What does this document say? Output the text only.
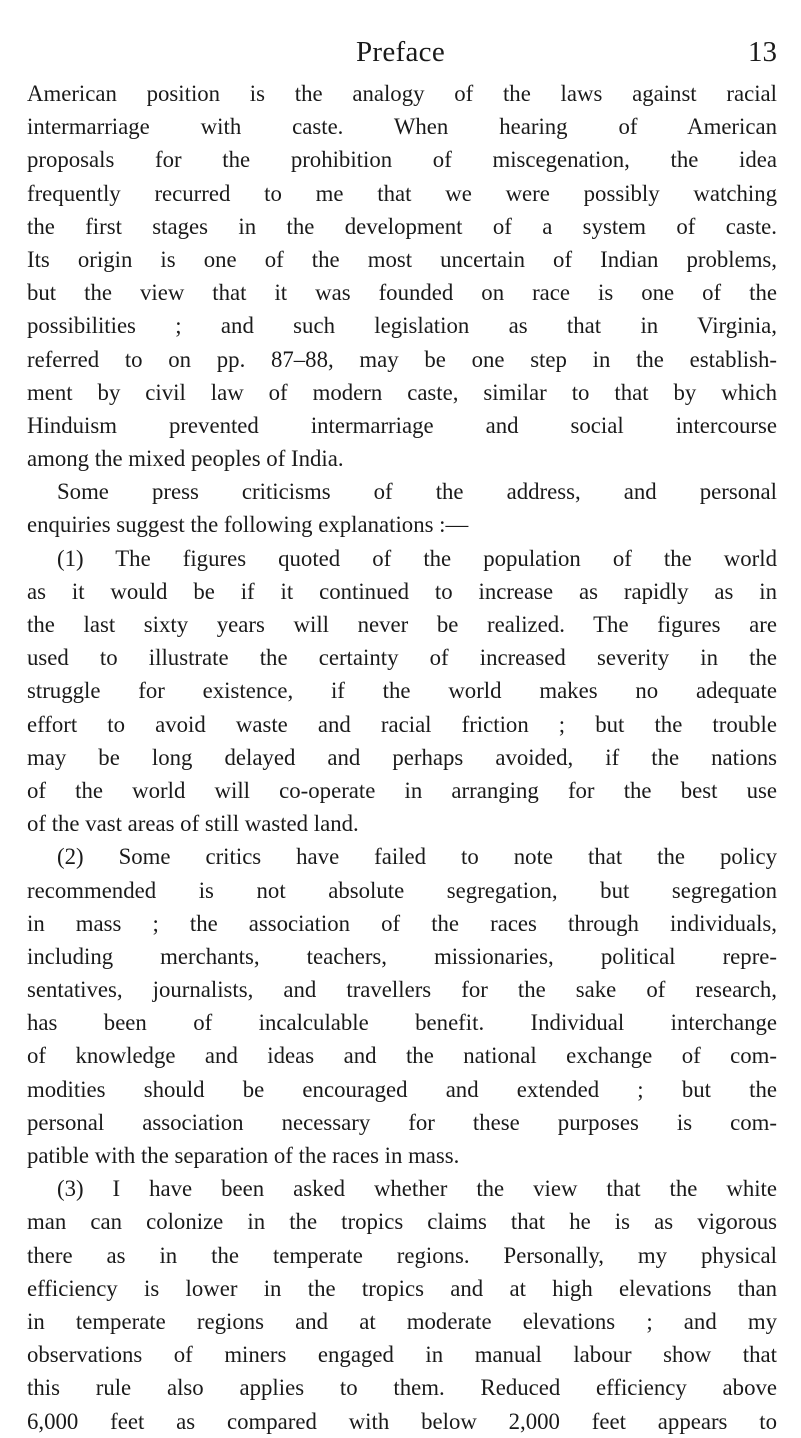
Preface	13
American position is the analogy of the laws against racial
intermarriage with caste. When hearing of American
proposals for the prohibition of miscegenation, the idea
frequently recurred to me that we were possibly watching
the first stages in the development of a system of caste.
Its origin is one of the most uncertain of Indian problems,
but the view that it was founded on race is one of the
possibilities ; and such legislation as that in Virginia,
referred to on pp. 87–88, may be one step in the establish-
ment by civil law of modern caste, similar to that by which
Hinduism prevented intermarriage and social intercourse
among the mixed peoples of India.
Some press criticisms of the address, and personal
enquiries suggest the following explanations :—
(1) The figures quoted of the population of the world
as it would be if it continued to increase as rapidly as in
the last sixty years will never be realized. The figures are
used to illustrate the certainty of increased severity in the
struggle for existence, if the world makes no adequate
effort to avoid waste and racial friction ; but the trouble
may be long delayed and perhaps avoided, if the nations
of the world will co-operate in arranging for the best use
of the vast areas of still wasted land.
(2) Some critics have failed to note that the policy
recommended is not absolute segregation, but segregation
in mass ; the association of the races through individuals,
including merchants, teachers, missionaries, political repre-
sentatives, journalists, and travellers for the sake of research,
has been of incalculable benefit. Individual interchange
of knowledge and ideas and the national exchange of com-
modities should be encouraged and extended ; but the
personal association necessary for these purposes is com-
patible with the separation of the races in mass.
(3) I have been asked whether the view that the white
man can colonize in the tropics claims that he is as vigorous
there as in the temperate regions. Personally, my physical
efficiency is lower in the tropics and at high elevations than
in temperate regions and at moderate elevations ; and my
observations of miners engaged in manual labour show that
this rule also applies to them. Reduced efficiency above
6,000 feet as compared with below 2,000 feet appears to
